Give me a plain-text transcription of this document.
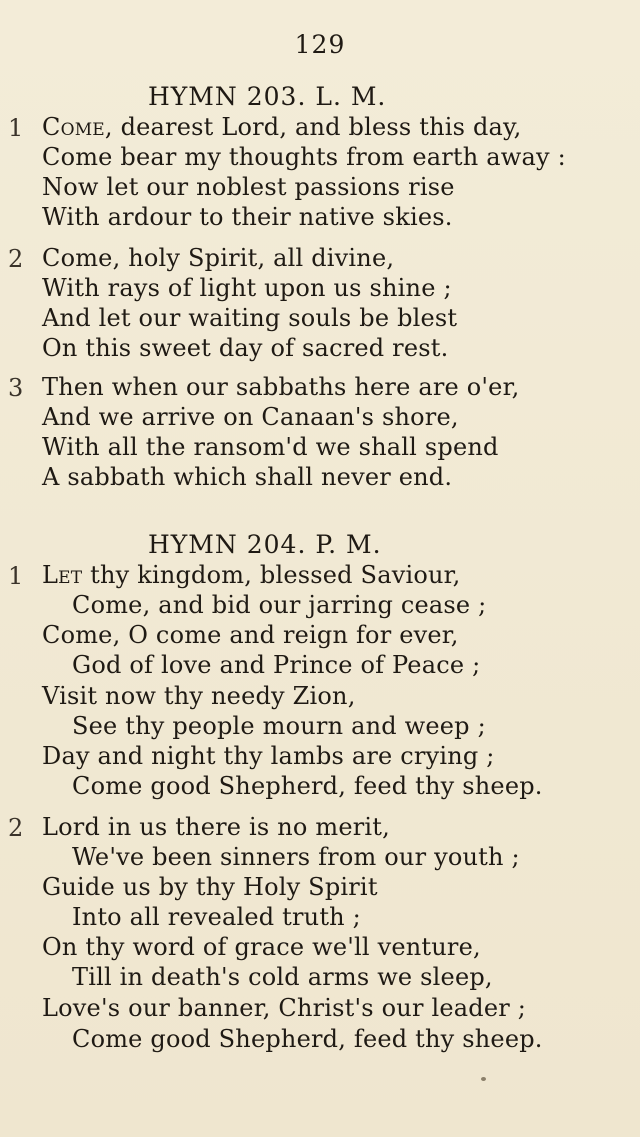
129
HYMN 203. L. M.
1 Come, dearest Lord, and bless this day,
Come bear my thoughts from earth away :
Now let our noblest passions rise
With ardour to their native skies.
2 Come, holy Spirit, all divine,
With rays of light upon us shine ;
And let our waiting souls be blest
On this sweet day of sacred rest.
3 Then when our sabbaths here are o'er,
And we arrive on Canaan's shore,
With all the ransom'd we shall spend
A sabbath which shall never end.
HYMN 204. P. M.
1 Let thy kingdom, blessed Saviour,
Come, and bid our jarring cease ;
Come, O come and reign for ever,
God of love and Prince of Peace ;
Visit now thy needy Zion,
See thy people mourn and weep ;
Day and night thy lambs are crying ;
Come good Shepherd, feed thy sheep.
2 Lord in us there is no merit,
We've been sinners from our youth ;
Guide us by thy Holy Spirit
Into all revealed truth ;
On thy word of grace we'll venture,
Till in death's cold arms we sleep,
Love's our banner, Christ's our leader ;
Come good Shepherd, feed thy sheep.
